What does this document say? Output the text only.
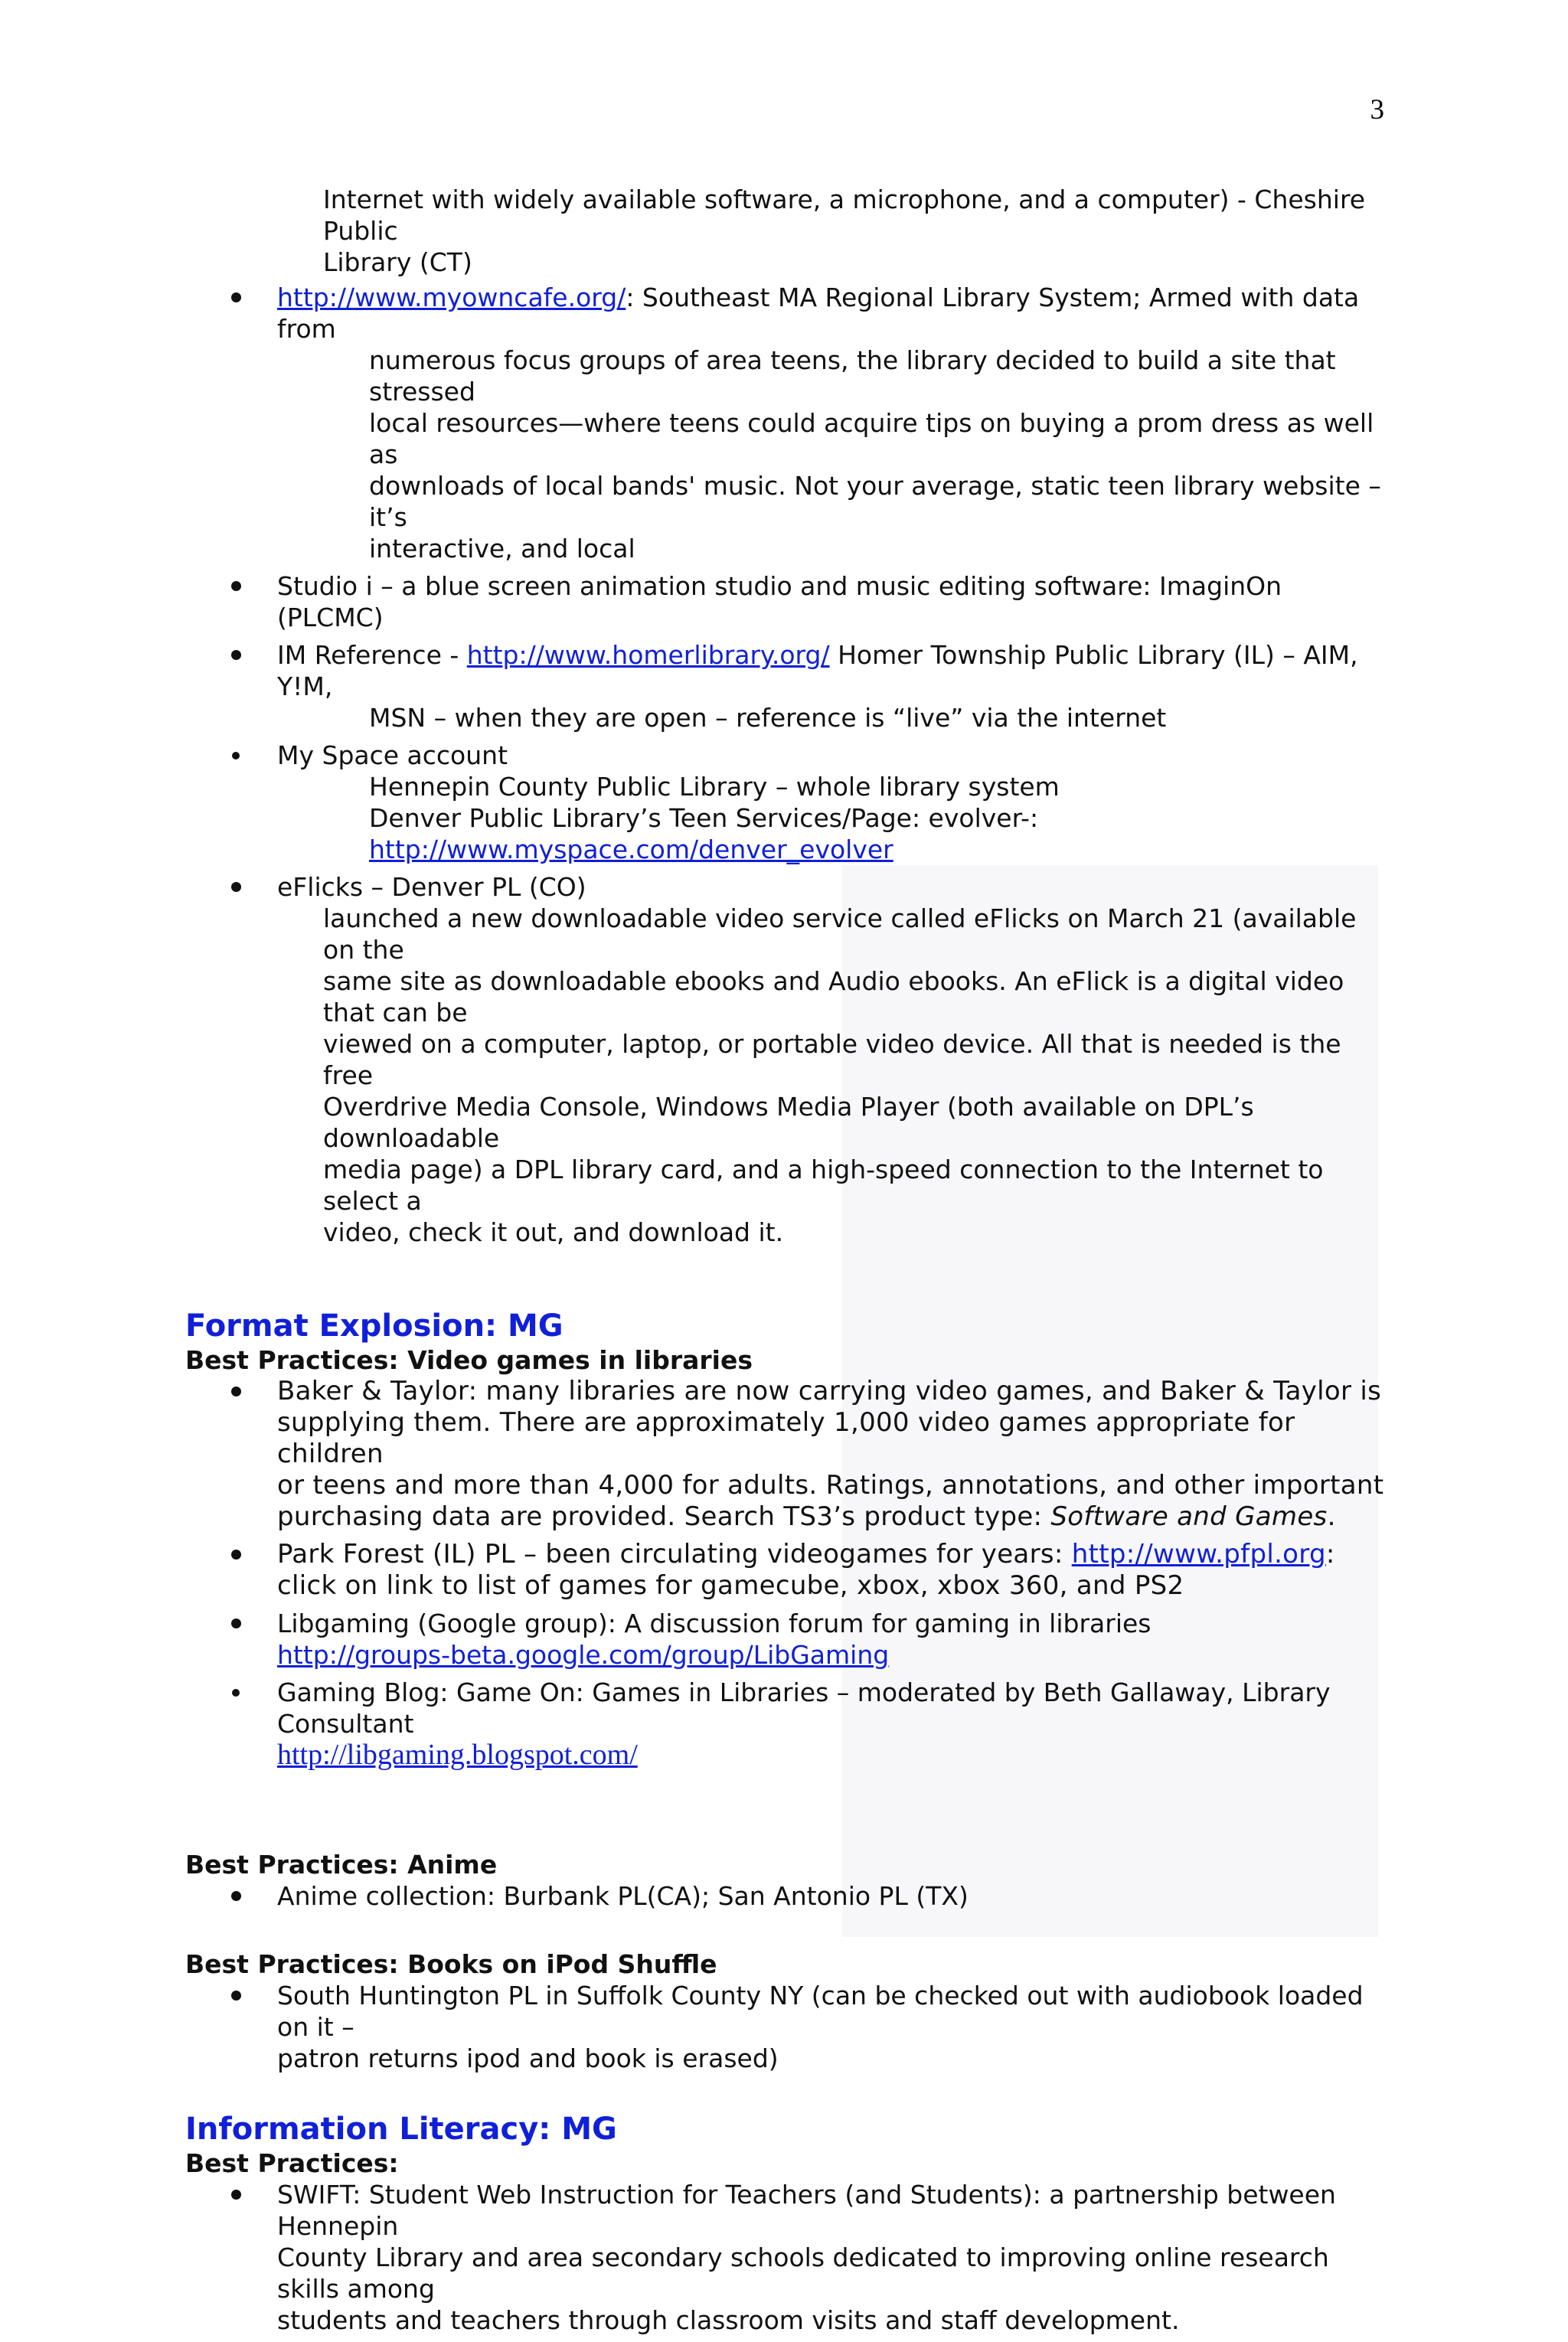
3
Internet with widely available software, a microphone, and a computer) - Cheshire Public
Library (CT)
http://www.myowncafe.org/: Southeast MA Regional Library System; Armed with data from
numerous focus groups of area teens, the library decided to build a site that stressed
local resources—where teens could acquire tips on buying a prom dress as well as
downloads of local bands' music. Not your average, static teen library website – it’s
interactive, and local
Studio i – a blue screen animation studio and music editing software: ImaginOn (PLCMC)
IM Reference - http://www.homerlibrary.org/ Homer Township Public Library (IL) – AIM, Y!M,
MSN – when they are open – reference is “live” via the internet
My Space account
Hennepin County Public Library – whole library system
Denver Public Library’s Teen Services/Page: evolver-:
http://www.myspace.com/denver_evolver
eFlicks – Denver PL (CO)
launched a new downloadable video service called eFlicks on March 21 (available on the
same site as downloadable ebooks and Audio ebooks. An eFlick is a digital video that can be
viewed on a computer, laptop, or portable video device. All that is needed is the free
Overdrive Media Console, Windows Media Player (both available on DPL’s downloadable
media page) a DPL library card, and a high-speed connection to the Internet to select a
video, check it out, and download it.
Format Explosion: MG
Best Practices: Video games in libraries
Baker & Taylor: many libraries are now carrying video games, and Baker & Taylor is
supplying them. There are approximately 1,000 video games appropriate for children
or teens and more than 4,000 for adults. Ratings, annotations, and other important
purchasing data are provided. Search TS3’s product type: Software and Games.
Park Forest (IL) PL – been circulating videogames for years: http://www.pfpl.org:
click on link to list of games for gamecube, xbox, xbox 360, and PS2
Libgaming (Google group): A discussion forum for gaming in libraries
http://groups-beta.google.com/group/LibGaming
Gaming Blog: Game On: Games in Libraries – moderated by Beth Gallaway, Library Consultant
http://libgaming.blogspot.com/
Best Practices: Anime
Anime collection: Burbank PL(CA); San Antonio PL (TX)
Best Practices: Books on iPod Shuffle
South Huntington PL in Suffolk County NY (can be checked out with audiobook loaded on it –
patron returns ipod and book is erased)
Information Literacy: MG
Best Practices:
SWIFT: Student Web Instruction for Teachers (and Students): a partnership between Hennepin
County Library and area secondary schools dedicated to improving online research skills among
students and teachers through classroom visits and staff development.
